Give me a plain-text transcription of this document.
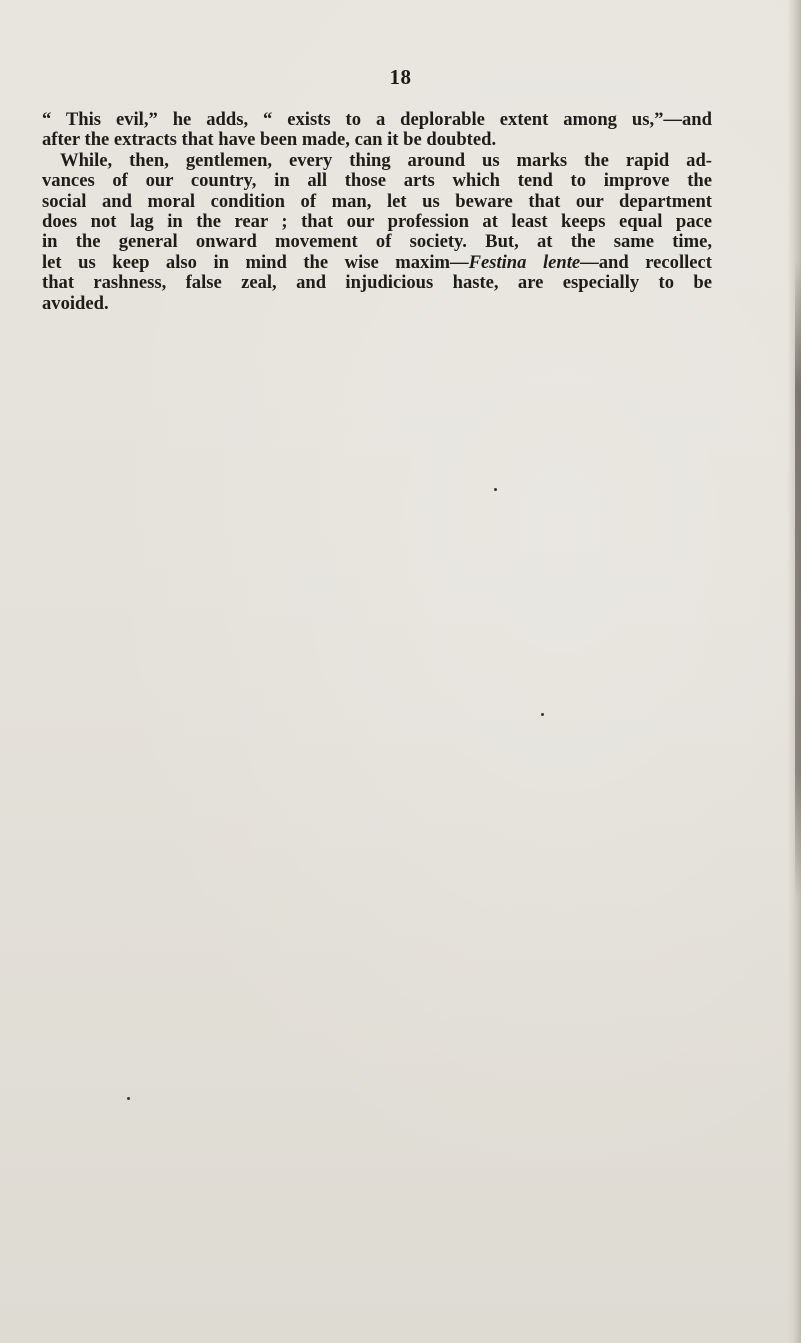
18
“ This evil,” he adds, “ exists to a deplorable extent among us,”—and
after the extracts that have been made, can it be doubted.
While, then, gentlemen, every thing around us marks the rapid ad-
vances of our country, in all those arts which tend to improve the
social and moral condition of man, let us beware that our department
does not lag in the rear ; that our profession at least keeps equal pace
in the general onward movement of society. But, at the same time,
let us keep also in mind the wise maxim—Festina lente—and recollect
that rashness, false zeal, and injudicious haste, are especially to be
avoided.
